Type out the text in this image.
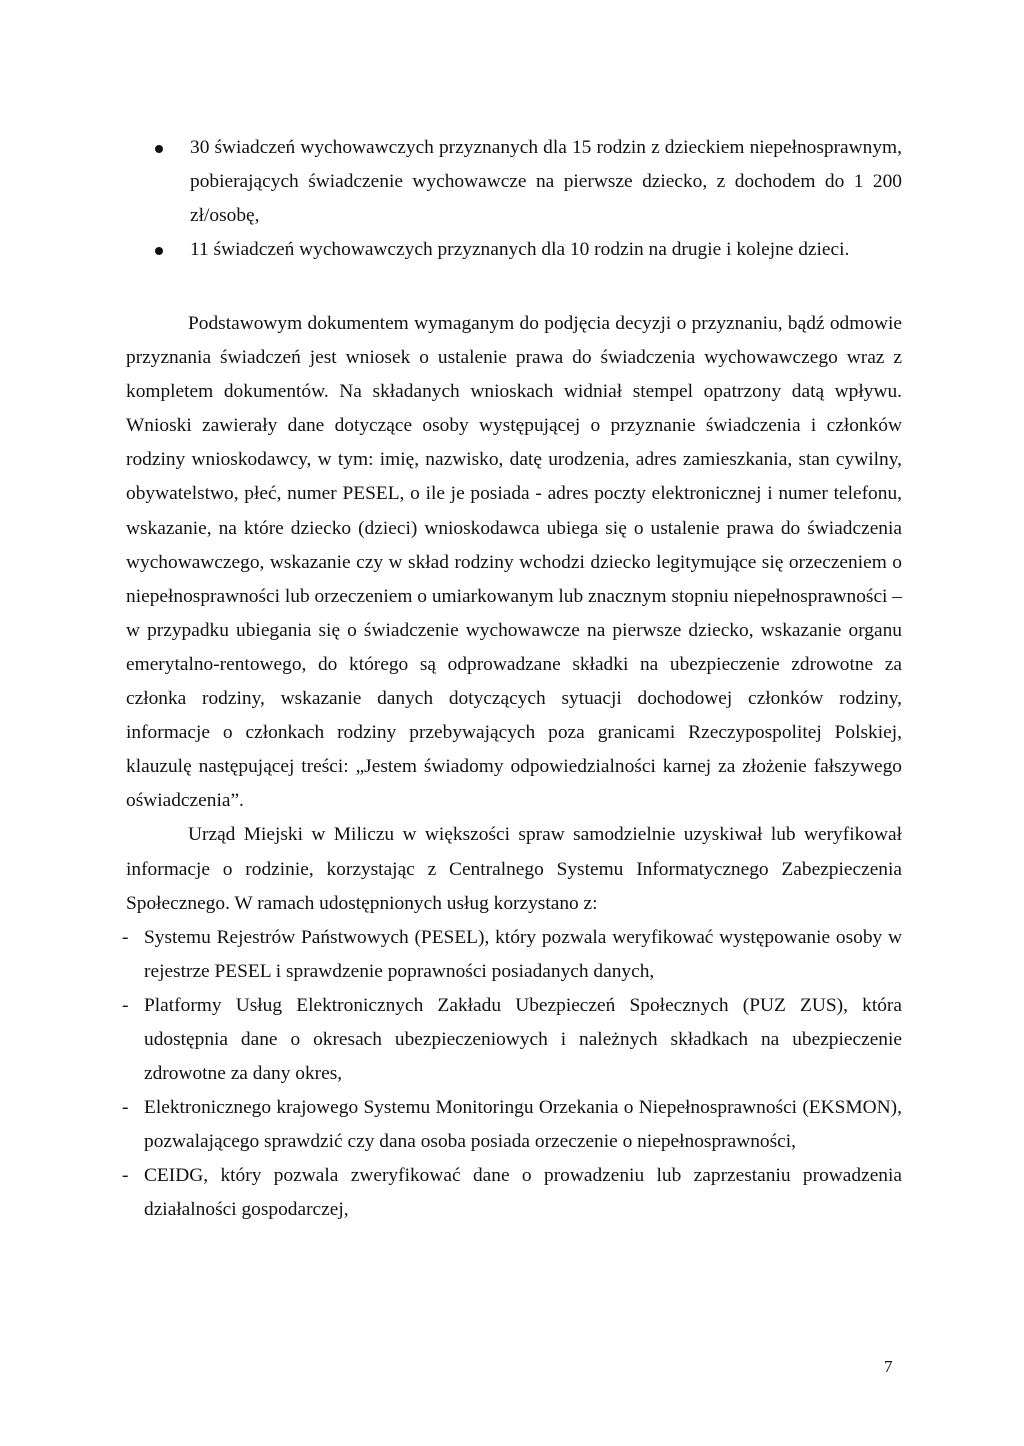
30 świadczeń wychowawczych przyznanych dla 15 rodzin z dzieckiem niepełnosprawnym, pobierających świadczenie wychowawcze na pierwsze dziecko, z dochodem do 1 200 zł/osobę,
11 świadczeń wychowawczych przyznanych dla 10 rodzin na drugie i kolejne dzieci.

Podstawowym dokumentem wymaganym do podjęcia decyzji o przyznaniu, bądź odmowie przyznania świadczeń jest wniosek o ustalenie prawa do świadczenia wychowawczego wraz z kompletem dokumentów. Na składanych wnioskach widniał stempel opatrzony datą wpływu. Wnioski zawierały dane dotyczące osoby występującej o przyznanie świadczenia i członków rodziny wnioskodawcy, w tym: imię, nazwisko, datę urodzenia, adres zamieszkania, stan cywilny, obywatelstwo, płeć, numer PESEL, o ile je posiada - adres poczty elektronicznej i numer telefonu, wskazanie, na które dziecko (dzieci) wnioskodawca ubiega się o ustalenie prawa do świadczenia wychowawczego, wskazanie czy w skład rodziny wchodzi dziecko legitymujące się orzeczeniem o niepełnosprawności lub orzeczeniem o umiarkowanym lub znacznym stopniu niepełnosprawności – w przypadku ubiegania się o świadczenie wychowawcze na pierwsze dziecko, wskazanie organu emerytalno-rentowego, do którego są odprowadzane składki na ubezpieczenie zdrowotne za członka rodziny, wskazanie danych dotyczących sytuacji dochodowej członków rodziny, informacje o członkach rodziny przebywających poza granicami Rzeczypospolitej Polskiej, klauzulę następującej treści: „Jestem świadomy odpowiedzialności karnej za złożenie fałszywego oświadczenia”.

Urząd Miejski w Miliczu w większości spraw samodzielnie uzyskiwał lub weryfikował informacje o rodzinie, korzystając z Centralnego Systemu Informatycznego Zabezpieczenia Społecznego. W ramach udostępnionych usług korzystano z:

- Systemu Rejestrów Państwowych (PESEL), który pozwala weryfikować występowanie osoby w rejestrze PESEL i sprawdzenie poprawności posiadanych danych,
- Platformy Usług Elektronicznych Zakładu Ubezpieczeń Społecznych (PUZ ZUS), która udostępnia dane o okresach ubezpieczeniowych i należnych składkach na ubezpieczenie zdrowotne za dany okres,
- Elektronicznego krajowego Systemu Monitoringu Orzekania o Niepełnosprawności (EKSMON), pozwalającego sprawdzić czy dana osoba posiada orzeczenie o niepełnosprawności,
- CEIDG, który pozwala zweryfikować dane o prowadzeniu lub zaprzestaniu prowadzenia działalności gospodarczej,
7
